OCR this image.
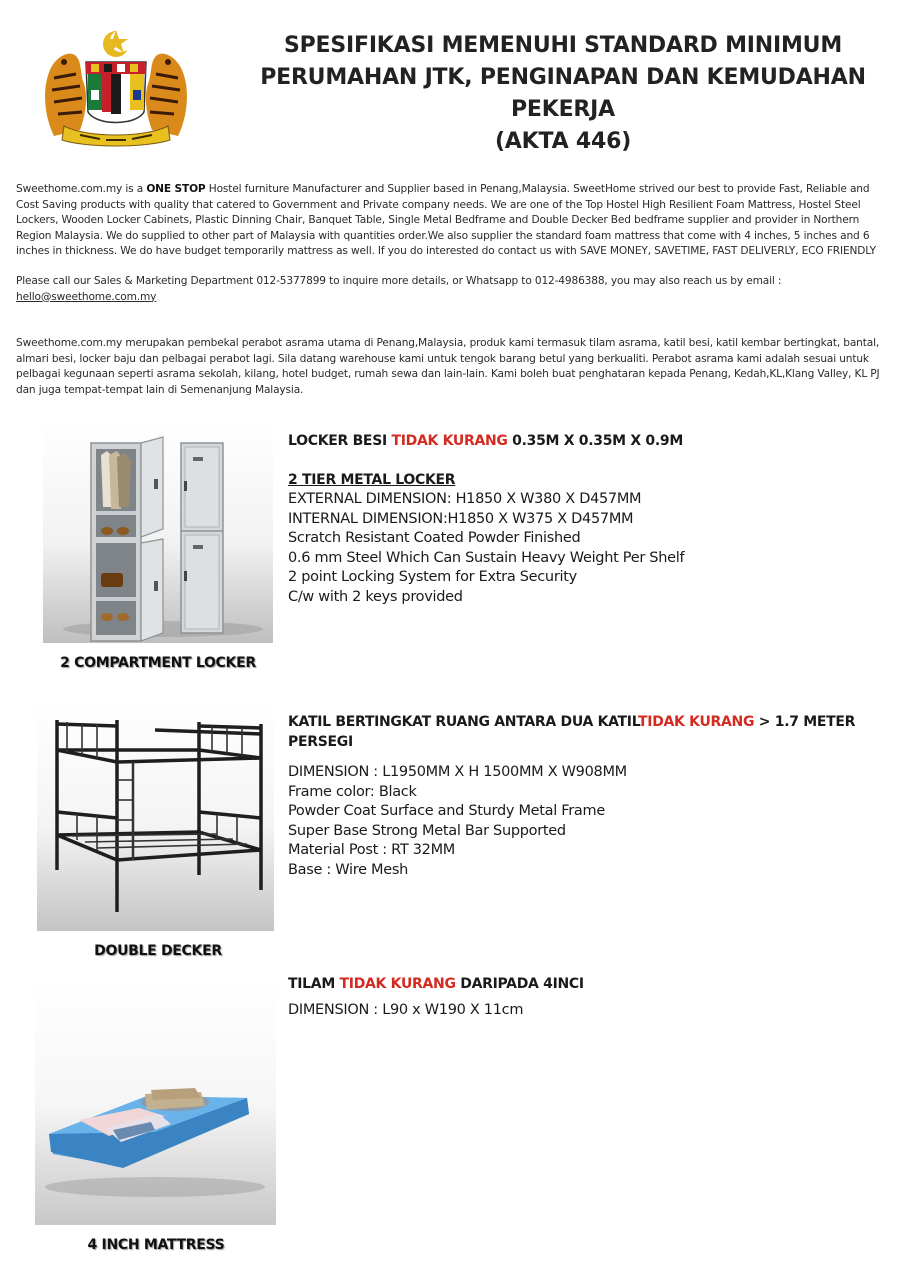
SPESIFIKASI MEMENUHI STANDARD MINIMUM
PERUMAHAN JTK, PENGINAPAN DAN KEMUDAHAN PEKERJA
(AKTA 446)
Sweethome.com.my is a ONE STOP Hostel furniture Manufacturer and Supplier based in Penang,Malaysia. SweetHome strived our best to provide Fast, Reliable and Cost Saving products with quality that catered to Government and Private company needs. We are one of the Top Hostel High Resilient Foam Mattress, Hostel Steel Lockers, Wooden Locker Cabinets, Plastic Dinning Chair, Banquet Table, Single Metal Bedframe and Double Decker Bed bedframe supplier and provider in Northern Region Malaysia. We do supplied to other part of Malaysia with quantities order.We also supplier the standard foam mattress that come with 4 inches, 5 inches and 6 inches in thickness. We do have budget temporarily mattress as well. If you do interested do contact us with SAVE MONEY, SAVETIME, FAST DELIVERLY, ECO FRIENDLY
Please call our Sales & Marketing Department 012-5377899 to inquire more details, or Whatsapp to 012-4986388, you may also reach us by email :
hello@sweethome.com.my
Sweethome.com.my merupakan pembekal perabot asrama utama di Penang,Malaysia, produk kami termasuk tilam asrama, katil besi, katil kembar bertingkat, bantal, almari besi, locker baju dan pelbagai perabot lagi. Sila datang warehouse kami untuk tengok barang betul yang berkualiti. Perabot asrama kami adalah sesuai untuk pelbagai kegunaan seperti asrama sekolah, kilang, hotel budget, rumah sewa dan lain-lain. Kami boleh buat penghataran kepada Penang, Kedah,KL,Klang Valley, KL PJ dan juga tempat-tempat lain di Semenanjung Malaysia.
2 COMPARTMENT LOCKER
LOCKER BESI TIDAK KURANG 0.35M X 0.35M X 0.9M
2 TIER METAL LOCKER
EXTERNAL DIMENSION: H1850 X W380 X D457MM
INTERNAL DIMENSION:H1850 X W375 X D457MM
Scratch Resistant Coated Powder Finished
0.6 mm Steel Which Can Sustain Heavy Weight Per Shelf
2 point Locking System for Extra Security
C/w with 2 keys provided
DOUBLE DECKER
KATIL BERTINGKAT RUANG ANTARA DUA KATILTIDAK KURANG > 1.7 METER PERSEGI
DIMENSION : L1950MM X H 1500MM X W908MM
Frame color: Black
Powder Coat Surface and Sturdy Metal Frame
Super Base Strong Metal Bar Supported
Material Post : RT 32MM
Base : Wire Mesh
4 INCH MATTRESS
TILAM TIDAK KURANG DARIPADA 4INCI
DIMENSION : L90 x W190 X 11cm
